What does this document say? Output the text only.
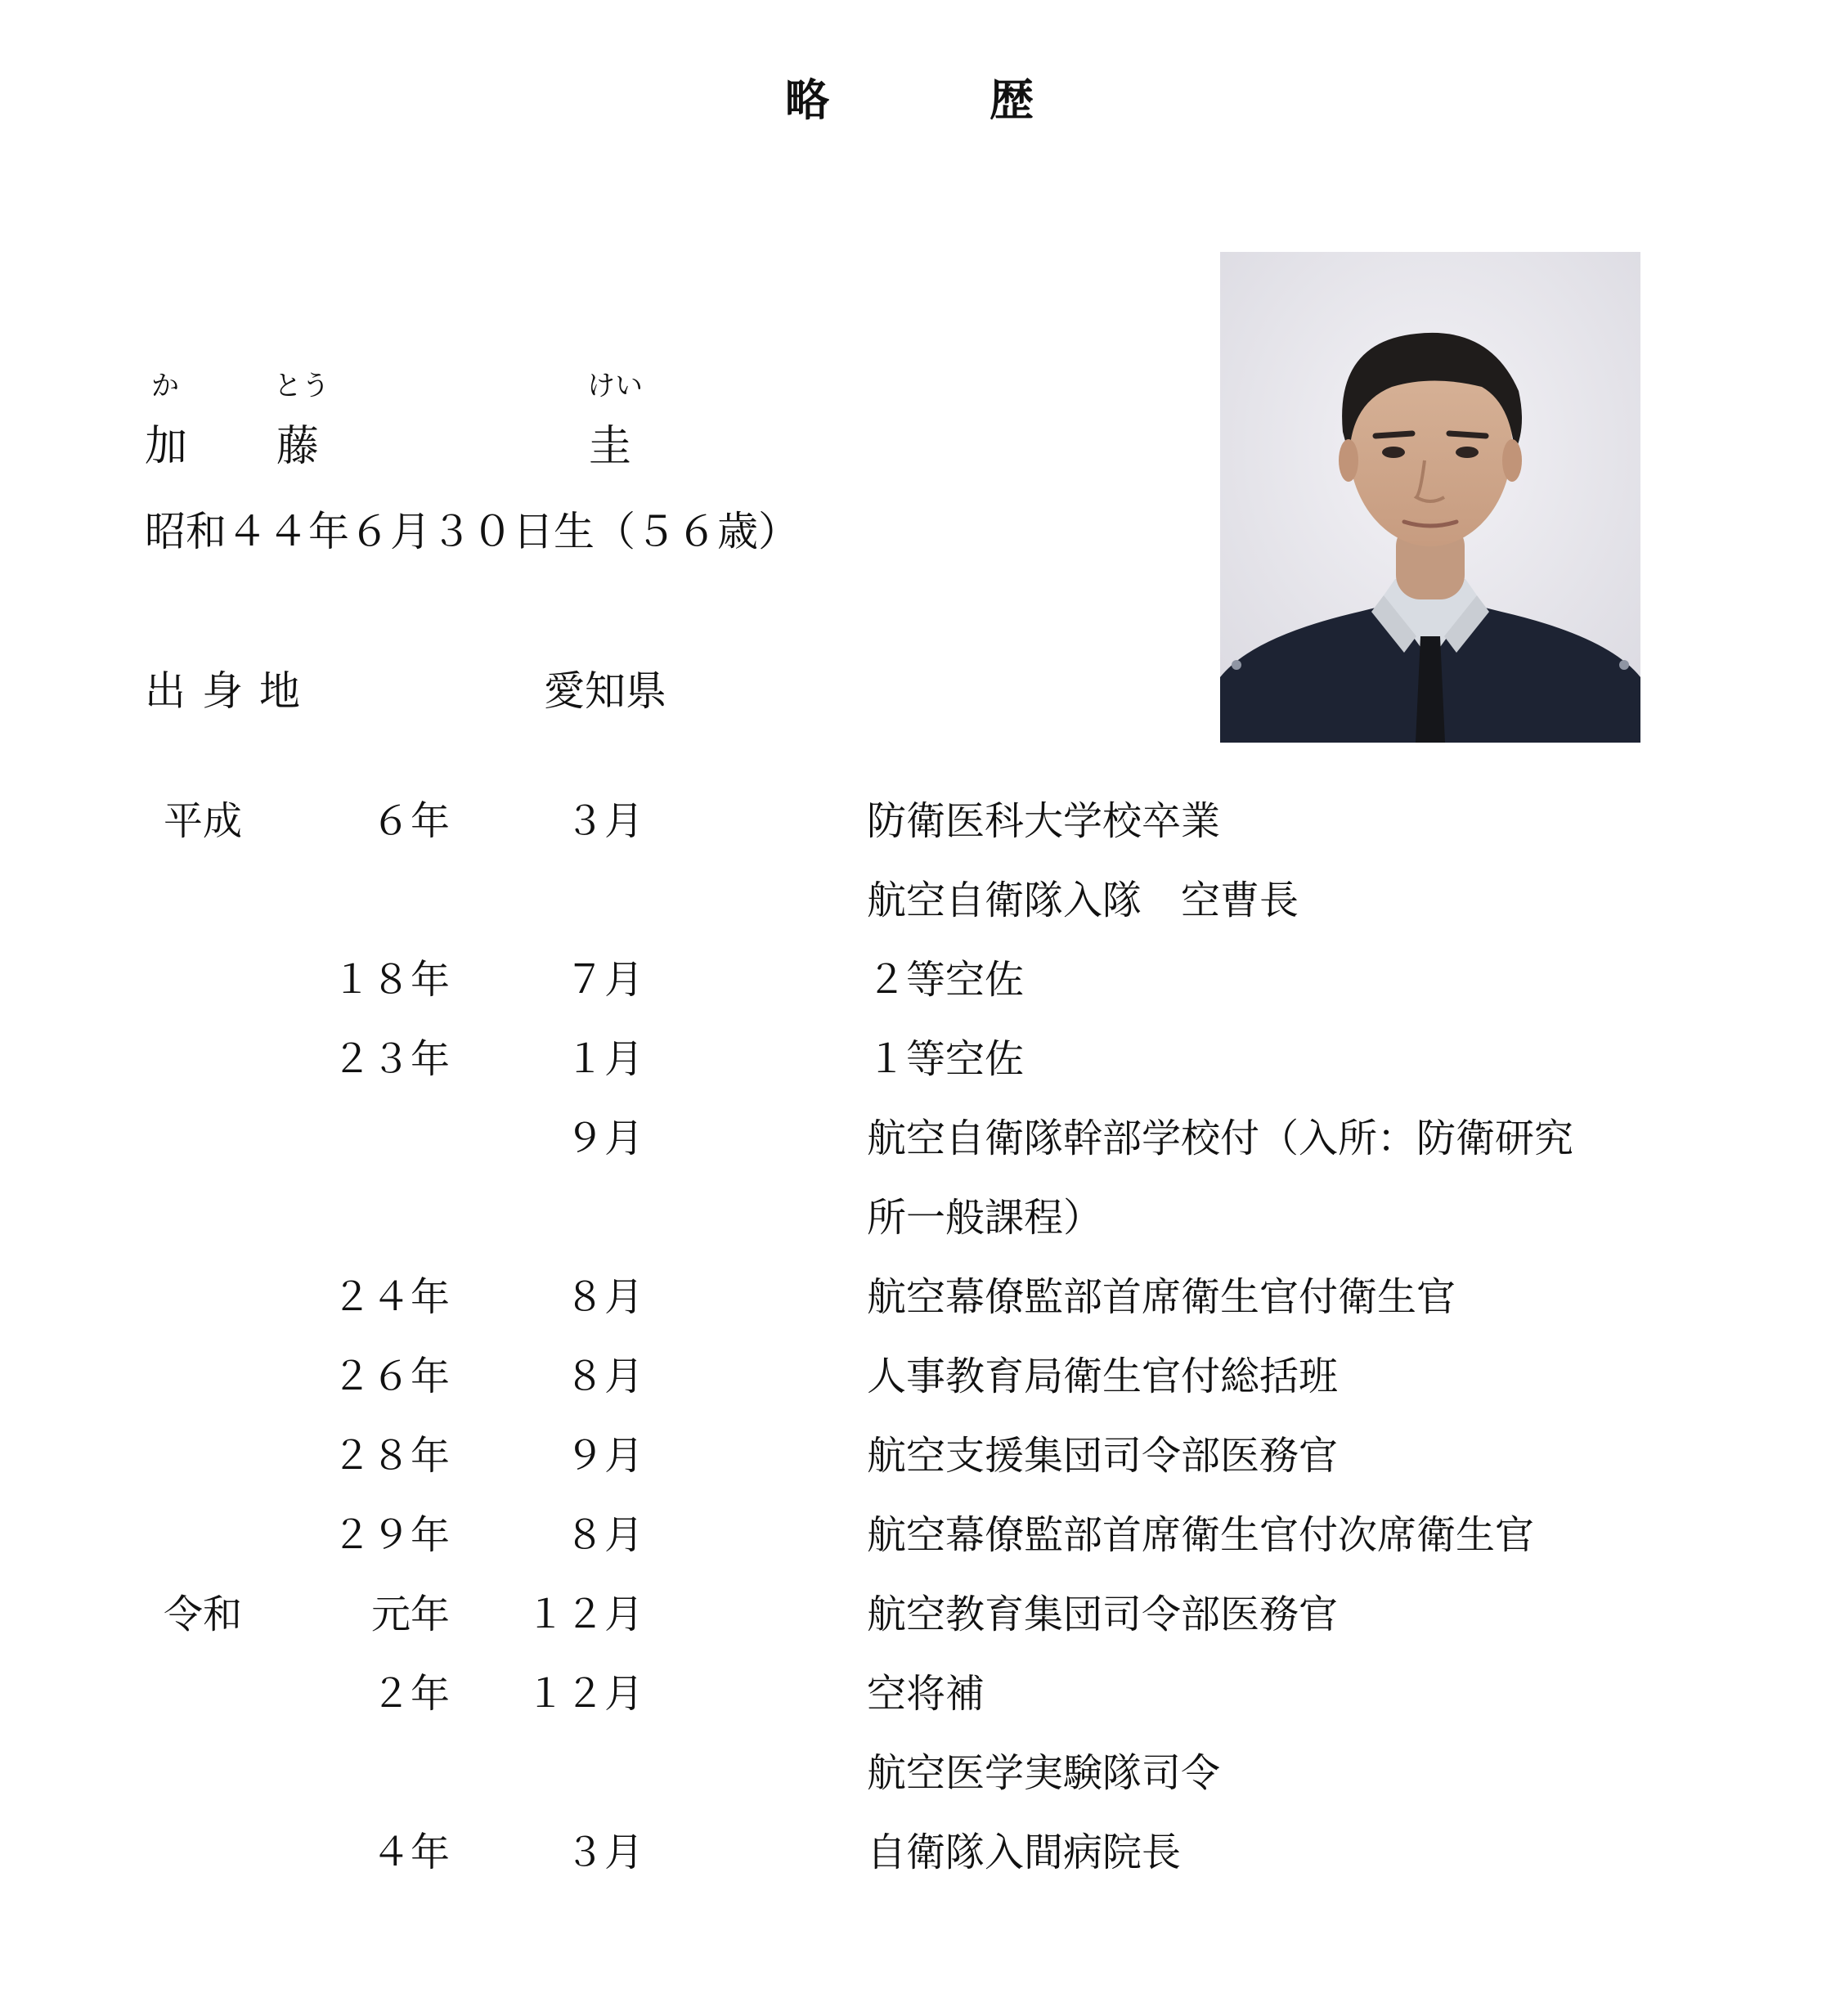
略	歴
か	とう	けい
加 藤	圭
昭和４４年６月３０日生（５６歳）
出身地	愛知県
平成	６年	３月	防衛医科大学校卒業
航空自衛隊入隊　空曹長
１８年	７月	２等空佐
２３年	１月	１等空佐
９月	航空自衛隊幹部学校付（入所：防衛研究
所一般課程）
２４年	８月	航空幕僚監部首席衛生官付衛生官
２６年	８月	人事教育局衛生官付総括班
２８年	９月	航空支援集団司令部医務官
２９年	８月	航空幕僚監部首席衛生官付次席衛生官
令和	元年 １２月	航空教育集団司令部医務官
２年 １２月	空将補
航空医学実験隊司令
４年	３月	自衛隊入間病院長
